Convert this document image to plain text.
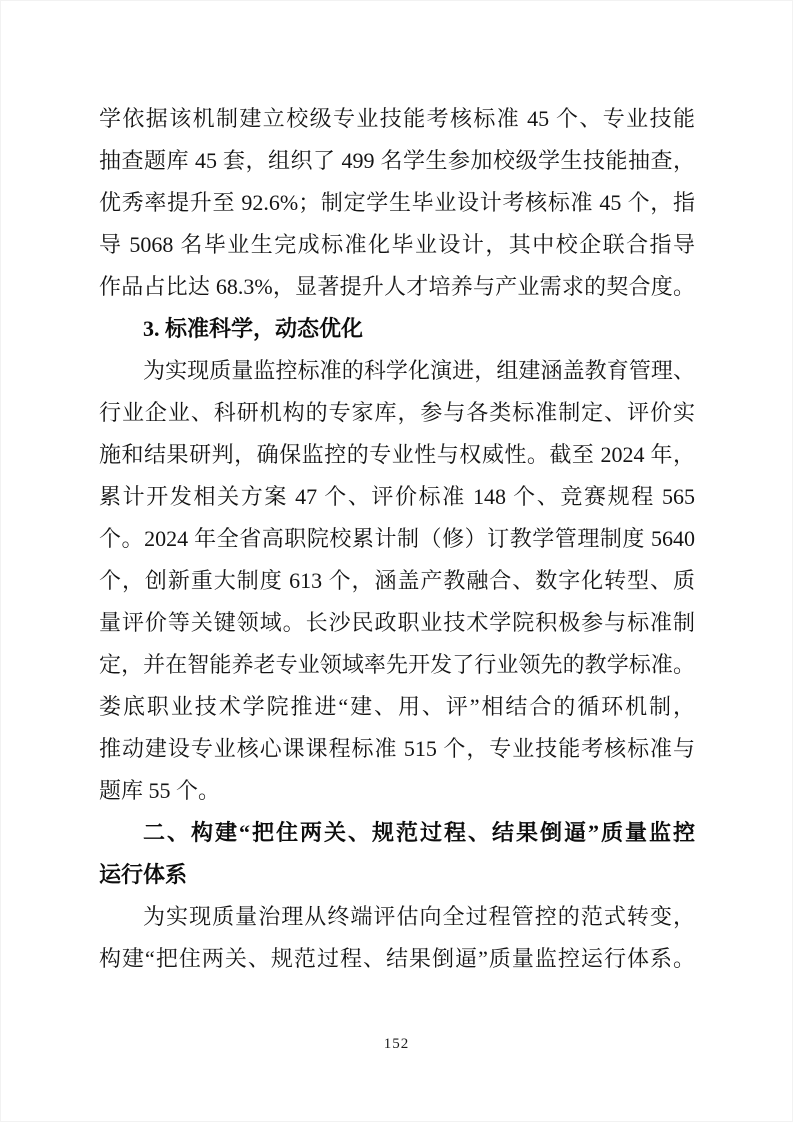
学依据该机制建立校级专业技能考核标准 45 个、专业技能
抽查题库 45 套，组织了 499 名学生参加校级学生技能抽查，
优秀率提升至 92.6%；制定学生毕业设计考核标准 45 个，指
导 5068 名毕业生完成标准化毕业设计，其中校企联合指导
作品占比达 68.3%，显著提升人才培养与产业需求的契合度。
3. 标准科学，动态优化
为实现质量监控标准的科学化演进，组建涵盖教育管理、
行业企业、科研机构的专家库，参与各类标准制定、评价实
施和结果研判，确保监控的专业性与权威性。截至 2024 年，
累计开发相关方案 47 个、评价标准 148 个、竞赛规程 565
个。2024 年全省高职院校累计制（修）订教学管理制度 5640
个，创新重大制度 613 个，涵盖产教融合、数字化转型、质
量评价等关键领域。长沙民政职业技术学院积极参与标准制
定，并在智能养老专业领域率先开发了行业领先的教学标准。
娄底职业技术学院推进“建、用、评”相结合的循环机制，
推动建设专业核心课课程标准 515 个，专业技能考核标准与
题库 55 个。
二、构建“把住两关、规范过程、结果倒逼”质量监控
运行体系
为实现质量治理从终端评估向全过程管控的范式转变，
构建“把住两关、规范过程、结果倒逼”质量监控运行体系。
152
